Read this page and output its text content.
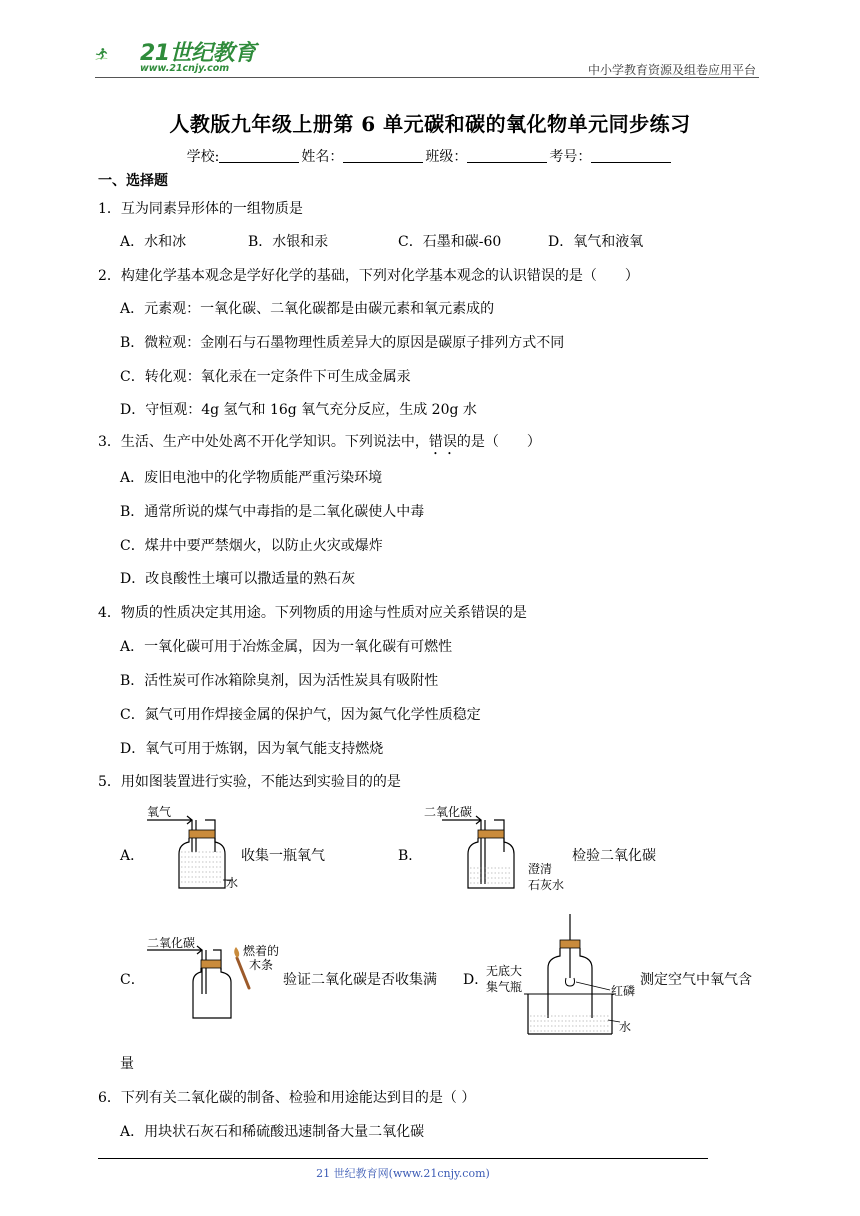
21世纪教育
www.21cnjy.com	中小学教育资源及组卷应用平台
人教版九年级上册第 6 单元碳和碳的氧化物单元同步练习
学校:	姓名：	班级：	考号：
一、选择题
1．互为同素异形体的一组物质是
A．水和冰	B．水银和汞	C．石墨和碳-60	D．氧气和液氧
2．构建化学基本观念是学好化学的基础，下列对化学基本观念的认识错误的是（　　）
A．元素观：一氧化碳、二氧化碳都是由碳元素和氧元素成的
B．微粒观：金刚石与石墨物理性质差异大的原因是碳原子排列方式不同
C．转化观：氧化汞在一定条件下可生成金属汞
D．守恒观：4g 氢气和 16g 氧气充分反应，生成 20g 水
3．生活、生产中处处离不开化学知识。下列说法中，错误的是（　　）
A．废旧电池中的化学物质能严重污染环境
B．通常所说的煤气中毒指的是二氧化碳使人中毒
C．煤井中要严禁烟火，以防止火灾或爆炸
D．改良酸性土壤可以撒适量的熟石灰
4．物质的性质决定其用途。下列物质的用途与性质对应关系错误的是
A．一氧化碳可用于冶炼金属，因为一氧化碳有可燃性
B．活性炭可作冰箱除臭剂，因为活性炭具有吸附性
C．氮气可用作焊接金属的保护气，因为氮气化学性质稳定
D．氧气可用于炼钢，因为氧气能支持燃烧
5．用如图装置进行实验，不能达到实验目的的是
A．
氧气
水
收集一瓶氧气	B．
二氧化碳
澄清
石灰水
检验二氧化碳
C．
二氧化碳
燃着的
木条
验证二氧化碳是否收集满 D．
无底大
集气瓶	红磷
水
测定空气中氧气含
量
6．下列有关二氧化碳的制备、检验和用途能达到目的是（ ）
A．用块状石灰石和稀硫酸迅速制备大量二氧化碳
21 世纪教育网(www.21cnjy.com)
